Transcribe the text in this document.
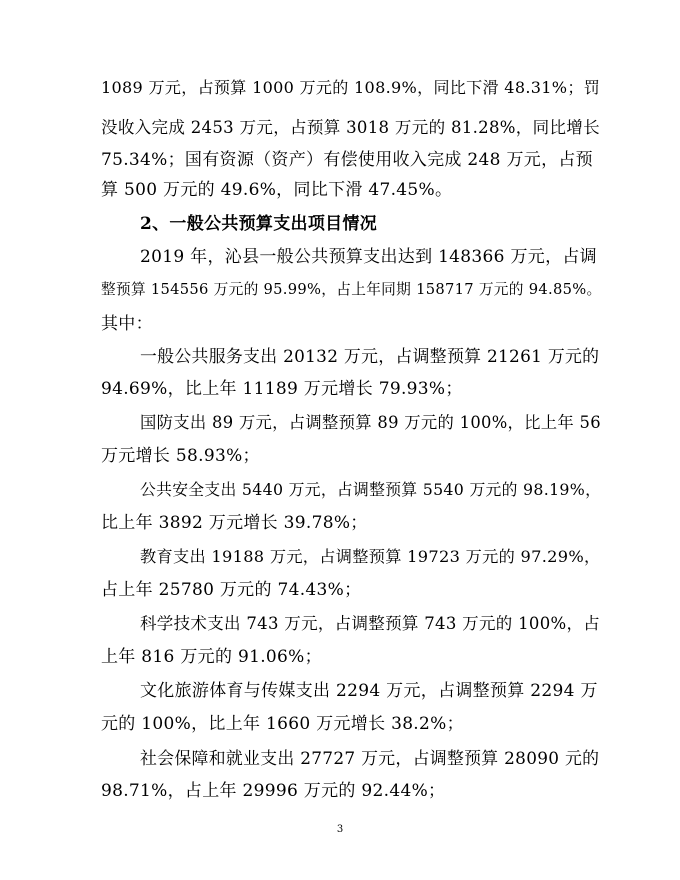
1089 万元，占预算 1000 万元的 108.9%，同比下滑 48.31%；罚
没收入完成 2453 万元，占预算 3018 万元的 81.28%，同比增长
75.34%；国有资源（资产）有偿使用收入完成 248 万元，占预
算 500 万元的 49.6%，同比下滑 47.45%。
2、一般公共预算支出项目情况
2019 年，沁县一般公共预算支出达到 148366 万元，占调
整预算 154556 万元的 95.99%，占上年同期 158717 万元的 94.85%。
其中：
一般公共服务支出 20132 万元，占调整预算 21261 万元的
94.69%，比上年 11189 万元增长 79.93%；
国防支出 89 万元，占调整预算 89 万元的 100%，比上年 56
万元增长 58.93%；
公共安全支出 5440 万元，占调整预算 5540 万元的 98.19%，
比上年 3892 万元增长 39.78%；
教育支出 19188 万元，占调整预算 19723 万元的 97.29%，
占上年 25780 万元的 74.43%；
科学技术支出 743 万元，占调整预算 743 万元的 100%，占
上年 816 万元的 91.06%；
文化旅游体育与传媒支出 2294 万元，占调整预算 2294 万
元的 100%，比上年 1660 万元增长 38.2%；
社会保障和就业支出 27727 万元，占调整预算 28090 元的
98.71%，占上年 29996 万元的 92.44%；
3
